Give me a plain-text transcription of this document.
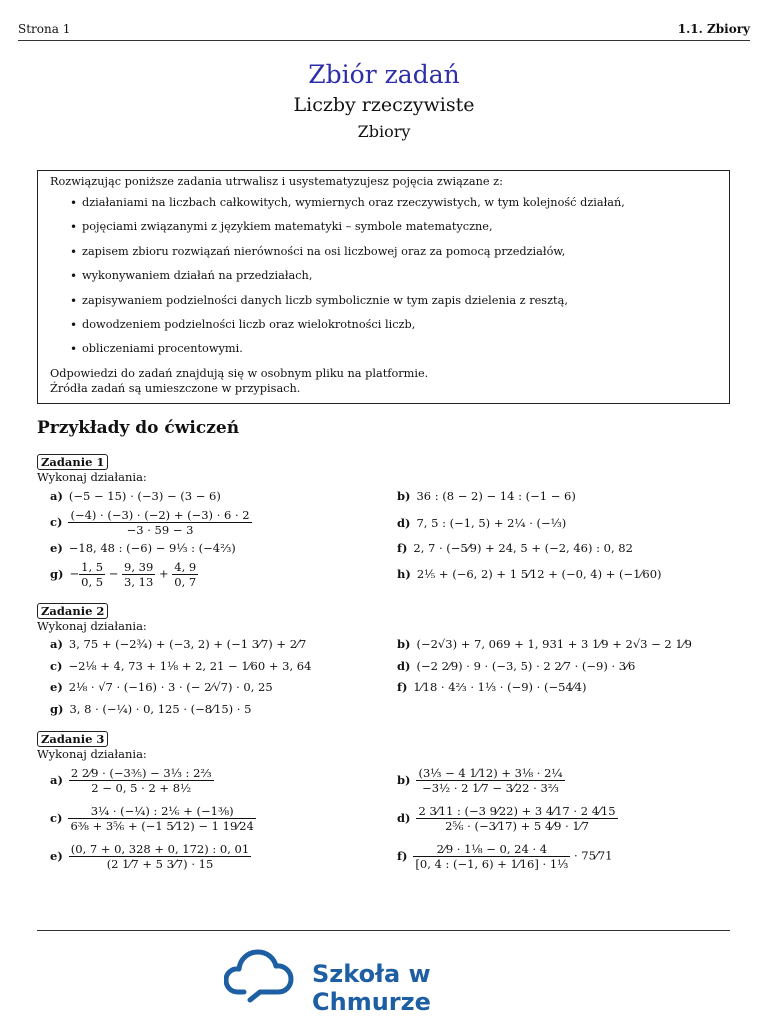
Strona 1	1.1. Zbiory
Zbiór zadań
Liczby rzeczywiste
Zbiory

Rozwiązując poniższe zadania utrwalisz i usystematyzujesz pojęcia związane z:

• działaniami na liczbach całkowitych, wymiernych oraz rzeczywistych, w tym kolejność działań,
• pojęciami związanymi z językiem matematyki – symbole matematyczne,
• zapisem zbioru rozwiązań nierówności na osi liczbowej oraz za pomocą przedziałów,
• wykonywaniem działań na przedziałach,
• zapisywaniem podzielności danych liczb symbolicznie w tym zapis dzielenia z resztą,
• dowodzeniem podzielności liczb oraz wielokrotności liczb,
• obliczeniami procentowymi.

Odpowiedzi do zadań znajdują się w osobnym pliku na platformie.

Źródła zadań są umieszczone w przypisach.

Przykłady do ćwiczeń
Zadanie 1
Wykonaj działania:
a) (−5 − 15) · (−3) − (3 − 6)	b) 36 : (8 − 2) − 14 : (−1 − 6)
$c) \frac{(-4) \cdot (-3) \cdot (-2) + (-3) \cdot 6 \cdot 2}{-3 \cdot 59 - 3}$	d) 7, 5 : (−1, 5) + 2¼ · (−⅓)
e) −18, 48 : (−6) − 9⅓ : (−4⅔)	f) 2, 7 · (−5⁄9) + 24, 5 + (−2, 46) : 0, 82
$g) - \frac{1, 5}{0, 5} - \frac{9, 39}{3, 13} + \frac{4, 9}{0, 7}$	h) 2⅕ + (−6, 2) + 1 5⁄12 + (−0, 4) + (−1⁄60)
Zadanie 2
Wykonaj działania:
a) 3, 75 + (−2¾) + (−3, 2) + (−1 3⁄7) + 2⁄7	b) (−2√3) + 7, 069 + 1, 931 + 3 1⁄9 + 2√3 − 2 1⁄9
c) −2⅛ + 4, 73 + 1⅛ + 2, 21 − 1⁄60 + 3, 64	d) (−2 2⁄9) · 9 · (−3, 5) · 2 2⁄7 · (−9) · 3⁄6
e) 2⅛ · √7 · (−16) · 3 · (− 2⁄√7) · 0, 25	f) 1⁄18 · 4⅔ · 1⅓ · (−9) · (−54⁄4)
g) 3, 8 · (−¼) · 0, 125 · (−8⁄15) · 5
Zadanie 3
Wykonaj działania:
$a) \frac{\text{2 2⁄9 · (−3⅗) − 3⅓ : 2⅔}}{\text{2 − 0, 5 · 2 + 8½}}$	$b) \frac{\text{(3⅓ − 4 1⁄12) + 3⅛ · 2¼}}{\text{−3½ · 2 1⁄7 − 3⁄22 · 3⅔}}$
$c) \frac{\text{3¼ · (−¼) : 2⅙ + (−1⅜)}}{\text{6⅜ + 3⅚ + (−1 5⁄12) − 1 19⁄24}}$	$d) \frac{2 3⁄11 : (-3 9⁄22) + 3 4⁄17 \cdot 2 4⁄15}{\text{2⅚ · (−3⁄17) + 5 4⁄9 · 1⁄7}}$
$e) \frac{(0, 7 + 0, 328 + 0, 172) : 0, 01}{(2 1⁄7 + 5 3⁄7) \cdot 15}$	$f) \frac{\text{2⁄9 · 1⅛ − 0, 24 · 4}}{\text{[0, 4 : (−1, 6) + 1⁄16] · 1⅓}}$ · 75⁄71
Szkoła w Chmurze
